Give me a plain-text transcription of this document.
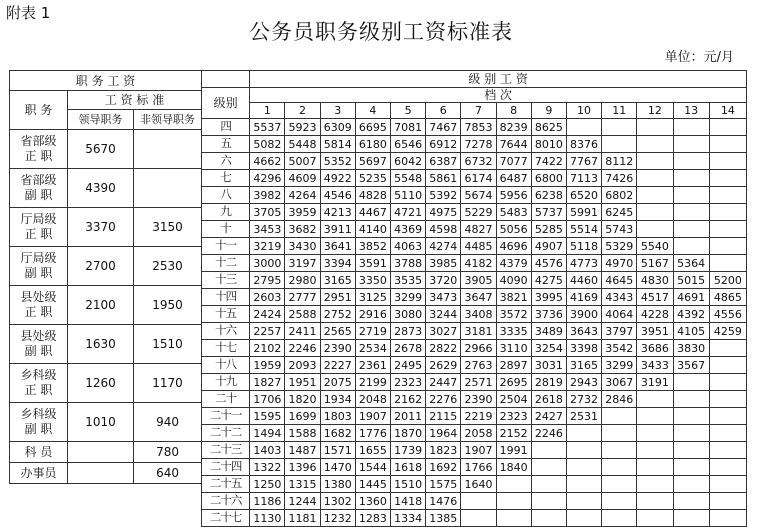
附表 1
公务员职务级别工资标准表
单位：元/月
职 务 工 资		
职 务	工 资 标 准	
	领导职务	非领导职务
省部级
正 职	5670	
省部级
副 职	4390	
厅局级
正 职	3370	3150
厅局级
副 职	2700	2530
县处级
正 职	2100	1950
县处级
副 职	1630	1510
乡科级
正 职	1260	1170
乡科级
副 职	1010	940
科 员		780
办事员		640
	级 别 工 资													
级别	档 次													
	1	2	3	4	5	6	7	8	9	10	11	12	13	14
四	5537	5923	6309	6695	7081	7467	7853	8239	8625					
五	5082	5448	5814	6180	6546	6912	7278	7644	8010	8376				
六	4662	5007	5352	5697	6042	6387	6732	7077	7422	7767	8112			
七	4296	4609	4922	5235	5548	5861	6174	6487	6800	7113	7426			
八	3982	4264	4546	4828	5110	5392	5674	5956	6238	6520	6802			
九	3705	3959	4213	4467	4721	4975	5229	5483	5737	5991	6245			
十	3453	3682	3911	4140	4369	4598	4827	5056	5285	5514	5743			
十一	3219	3430	3641	3852	4063	4274	4485	4696	4907	5118	5329	5540		
十二	3000	3197	3394	3591	3788	3985	4182	4379	4576	4773	4970	5167	5364	
十三	2795	2980	3165	3350	3535	3720	3905	4090	4275	4460	4645	4830	5015	5200
十四	2603	2777	2951	3125	3299	3473	3647	3821	3995	4169	4343	4517	4691	4865
十五	2424	2588	2752	2916	3080	3244	3408	3572	3736	3900	4064	4228	4392	4556
十六	2257	2411	2565	2719	2873	3027	3181	3335	3489	3643	3797	3951	4105	4259
十七	2102	2246	2390	2534	2678	2822	2966	3110	3254	3398	3542	3686	3830	
十八	1959	2093	2227	2361	2495	2629	2763	2897	3031	3165	3299	3433	3567	
十九	1827	1951	2075	2199	2323	2447	2571	2695	2819	2943	3067	3191		
二十	1706	1820	1934	2048	2162	2276	2390	2504	2618	2732	2846			
二十一	1595	1699	1803	1907	2011	2115	2219	2323	2427	2531				
二十二	1494	1588	1682	1776	1870	1964	2058	2152	2246					
二十三	1403	1487	1571	1655	1739	1823	1907	1991						
二十四	1322	1396	1470	1544	1618	1692	1766	1840						
二十五	1250	1315	1380	1445	1510	1575	1640							
二十六	1186	1244	1302	1360	1418	1476								
二十七	1130	1181	1232	1283	1334	1385								
